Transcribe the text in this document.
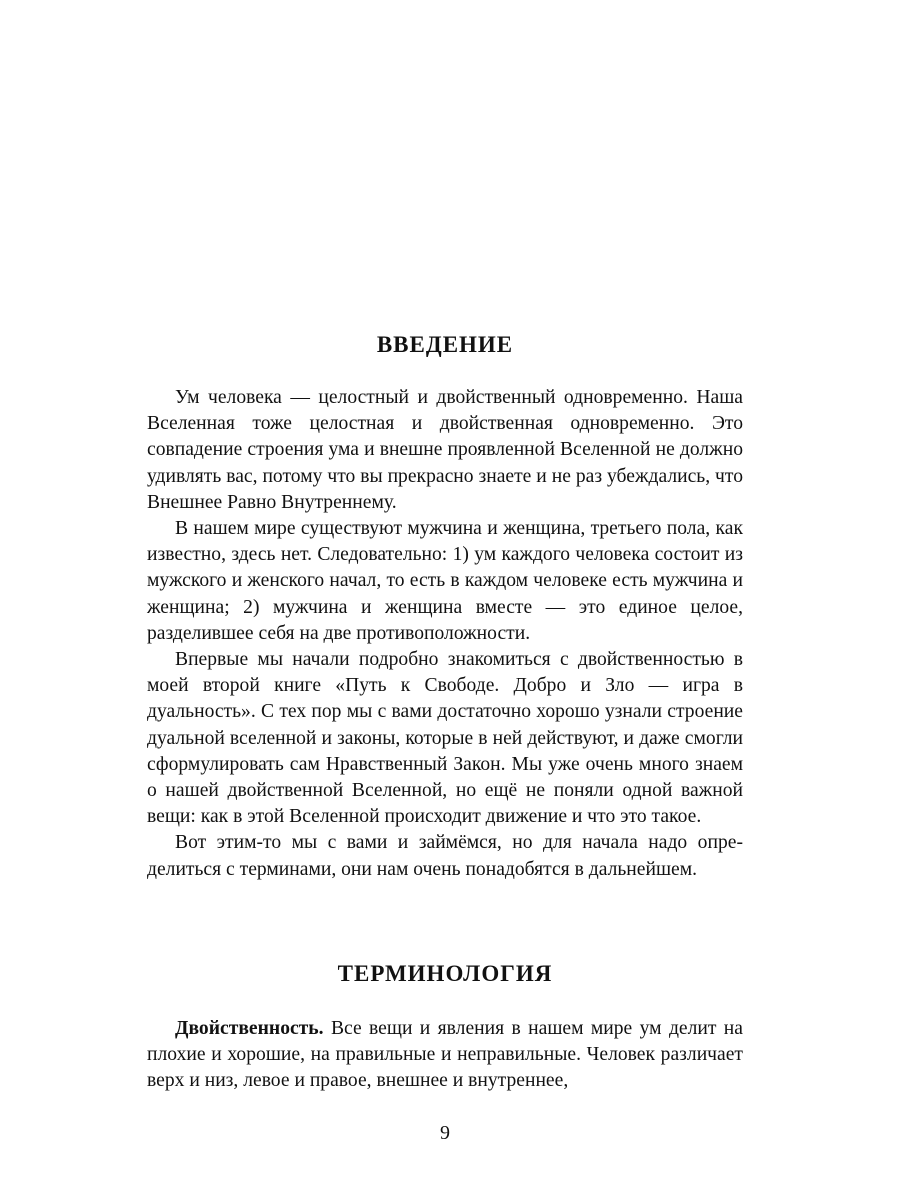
ВВЕДЕНИЕ

Ум человека — целостный и двойственный одновременно. Наша Вселенная тоже целостная и двойственная одновременно. Это совпадение строения ума и внешне проявленной Вселенной не должно удивлять вас, потому что вы прекрасно знаете и не раз убеждались, что Внешнее Равно Внутреннему.

В нашем мире существуют мужчина и женщина, третьего пола, как известно, здесь нет. Следовательно: 1) ум каждого человека состоит из мужского и женского начал, то есть в каждом человеке есть мужчина и женщина; 2) мужчина и женщина вместе — это единое целое, разделившее себя на две противоположности.

Впервые мы начали подробно знакомиться с двойственностью в моей второй книге «Путь к Свободе. Добро и Зло — игра в дуальность». С тех пор мы с вами достаточно хорошо узнали строение дуальной вселенной и законы, которые в ней действуют, и даже смогли сформулировать сам Нравственный Закон. Мы уже очень много знаем о нашей двойственной Вселенной, но ещё не поняли одной важной вещи: как в этой Вселенной происходит движение и что это такое.

Вот этим-то мы с вами и займёмся, но для начала надо определиться с терминами, они нам очень понадобятся в дальнейшем.

ТЕРМИНОЛОГИЯ

Двойственность. Все вещи и явления в нашем мире ум делит на плохие и хорошие, на правильные и неправильные. Человек различает верх и низ, левое и правое, внешнее и внутреннее,

9
